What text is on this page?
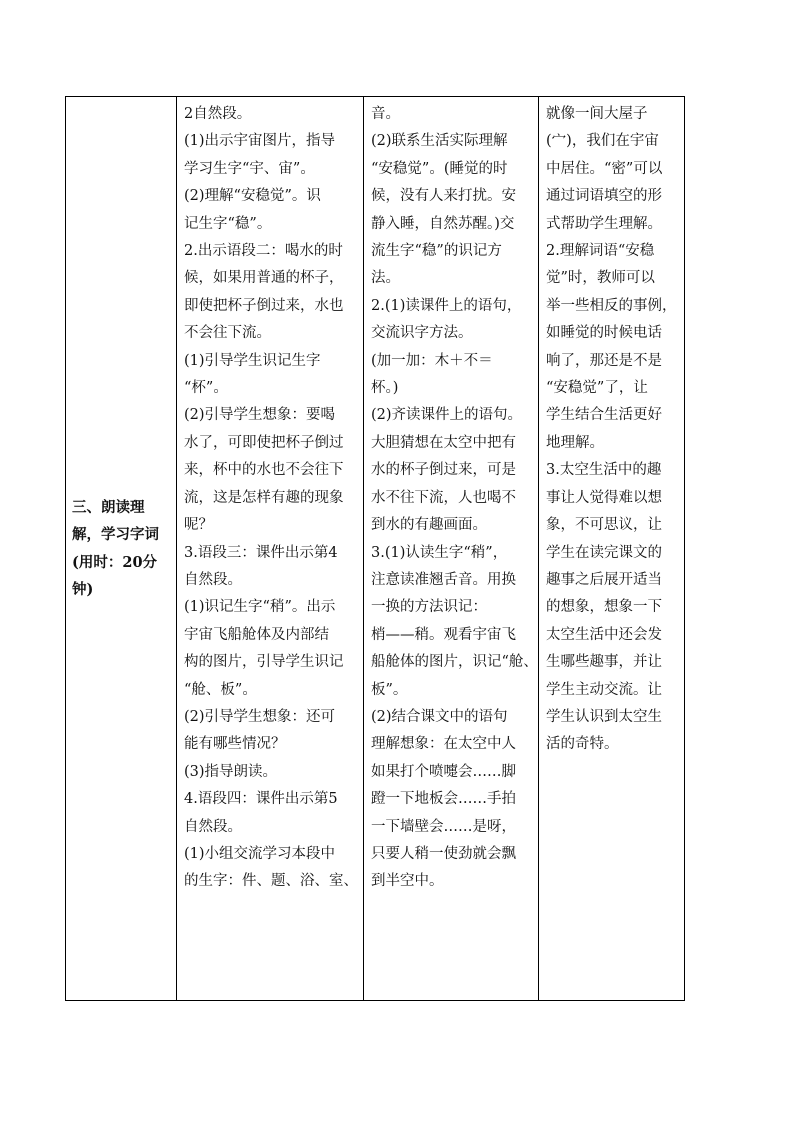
三、朗读理解，学习字词(用时：20分钟)	
2自然段。
(1)出示宇宙图片，指导
学习生字“宇、宙”。
(2)理解“安稳觉”。识
记生字“稳”。
2.出示语段二：喝水的时
候，如果用普通的杯子，
即使把杯子倒过来，水也
不会往下流。
(1)引导学生识记生字
“杯”。
(2)引导学生想象：要喝
水了，可即使把杯子倒过
来，杯中的水也不会往下
流，这是怎样有趣的现象
呢？
3.语段三：课件出示第4
自然段。
(1)识记生字“稍”。出示
宇宙飞船舱体及内部结
构的图片，引导学生识记
“舱、板”。
(2)引导学生想象：还可
能有哪些情况？
(3)指导朗读。
4.语段四：课件出示第5
自然段。
(1)小组交流学习本段中
的生字：件、题、浴、室、

音。
(2)联系生活实际理解
“安稳觉”。(睡觉的时
候，没有人来打扰。安
静入睡，自然苏醒。)交
流生字“稳”的识记方
法。
2.(1)读课件上的语句，
交流识字方法。
(加一加：木＋不＝
杯。)
(2)齐读课件上的语句。
大胆猜想在太空中把有
水的杯子倒过来，可是
水不往下流，人也喝不
到水的有趣画面。
3.(1)认读生字“稍”，
注意读准翘舌音。用换
一换的方法识记：
梢——稍。观看宇宙飞
船舱体的图片，识记“舱、
板”。
(2)结合课文中的语句
理解想象：在太空中人
如果打个喷嚏会……脚
蹬一下地板会……手拍
一下墙壁会……是呀，
只要人稍一使劲就会飘
到半空中。

就像一间大屋子
(宀)，我们在宇宙
中居住。“密”可以
通过词语填空的形
式帮助学生理解。
2.理解词语“安稳
觉”时，教师可以
举一些相反的事例，
如睡觉的时候电话
响了，那还是不是
“安稳觉”了，让
学生结合生活更好
地理解。
3.太空生活中的趣
事让人觉得难以想
象，不可思议，让
学生在读完课文的
趣事之后展开适当
的想象，想象一下
太空生活中还会发
生哪些趣事，并让
学生主动交流。让
学生认识到太空生
活的奇特。
